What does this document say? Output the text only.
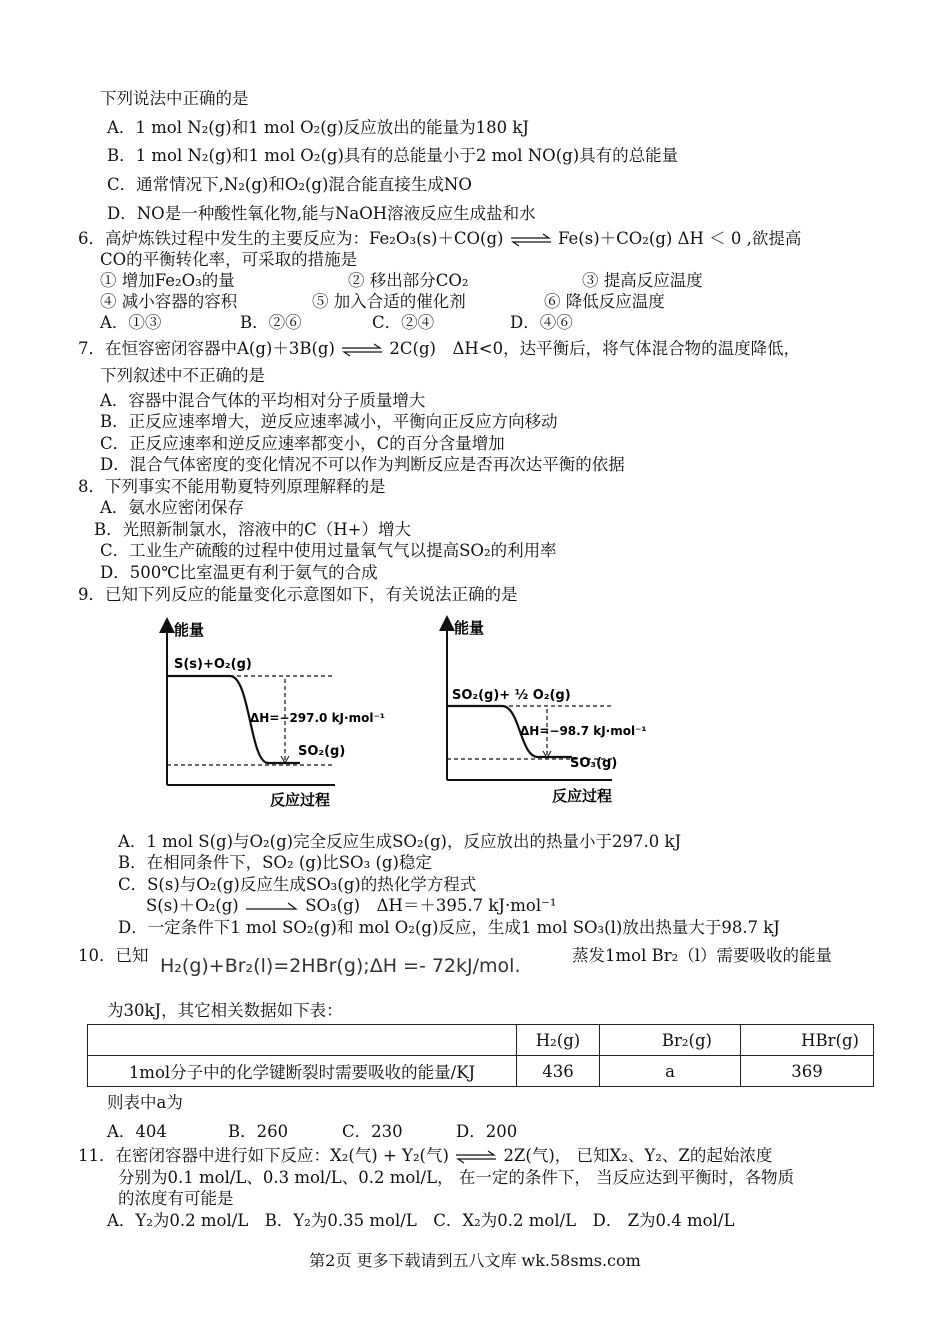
下列说法中正确的是
A．1 mol N₂(g)和1 mol O₂(g)反应放出的能量为180 kJ
B．1 mol N₂(g)和1 mol O₂(g)具有的总能量小于2 mol NO(g)具有的总能量
C．通常情况下,N₂(g)和O₂(g)混合能直接生成NO
D．NO是一种酸性氧化物,能与NaOH溶液反应生成盐和水
6．高炉炼铁过程中发生的主要反应为：Fe₂O₃(s)＋CO(g) ⇌ Fe(s)＋CO₂(g) ΔH ＜ 0 ,欲提高
CO的平衡转化率，可采取的措施是
① 增加Fe₂O₃的量	② 移出部分CO₂	③ 提高反应温度
④ 减小容器的容积	⑤ 加入合适的催化剂	⑥ 降低反应温度
A．①③	B．②⑥	C．②④	D．④⑥
7．在恒容密闭容器中A(g)＋3B(g) ⇌ 2C(g)　ΔH<0，达平衡后，将气体混合物的温度降低，
下列叙述中不正确的是
A．容器中混合气体的平均相对分子质量增大
B．正反应速率增大，逆反应速率减小，平衡向正反应方向移动
C．正反应速率和逆反应速率都变小，C的百分含量增加
D．混合气体密度的变化情况不可以作为判断反应是否再次达平衡的依据
8．下列事实不能用勒夏特列原理解释的是
A．氨水应密闭保存
B．光照新制氯水，溶液中的C（H+）增大
C．工业生产硫酸的过程中使用过量氧气气以提高SO₂的利用率
D．500℃比室温更有利于氨气的合成
9．已知下列反应的能量变化示意图如下，有关说法正确的是
能量
S(s)+O₂(g)
ΔH=−297.0 kJ·mol⁻¹
SO₂(g)
反应过程
能量
SO₂(g)+ ½ O₂(g)
ΔH=−98.7 kJ·mol⁻¹
SO₃(g)
反应过程
A．1 mol S(g)与O₂(g)完全反应生成SO₂(g)，反应放出的热量小于297.0 kJ
B．在相同条件下，SO₂ (g)比SO₃ (g)稳定
C．S(s)与O₂(g)反应生成SO₃(g)的热化学方程式
S(s)＋O₂(g) → SO₃(g)　ΔH＝＋395.7 kJ·mol⁻¹
D．一定条件下1 mol SO₂(g)和 mol O₂(g)反应，生成1 mol SO₃(l)放出热量大于98.7 kJ
10．已知 H₂(g)+Br₂(l)=2HBr(g);ΔH =- 72kJ/mol.	蒸发1mol Br₂（l）需要吸收的能量
为30kJ，其它相关数据如下表：
	H₂(g)	Br₂(g)	HBr(g)
1mol分子中的化学键断裂时需要吸收的能量/KJ	436	a	369
则表中a为
A．404	B．260	C．230	D．200
11．在密闭容器中进行如下反应：X₂(气) + Y₂(气) ⇌ 2Z(气)， 已知X₂、Y₂、Z的起始浓度
分别为0.1 mol/L、0.3 mol/L、0.2 mol/L， 在一定的条件下， 当反应达到平衡时，各物质
的浓度有可能是
A．Y₂为0.2 mol/L　B．Y₂为0.35 mol/L　C．X₂为0.2 mol/L　D． Z为0.4 mol/L
第2页 更多下载请到五八文库 wk.58sms.com
